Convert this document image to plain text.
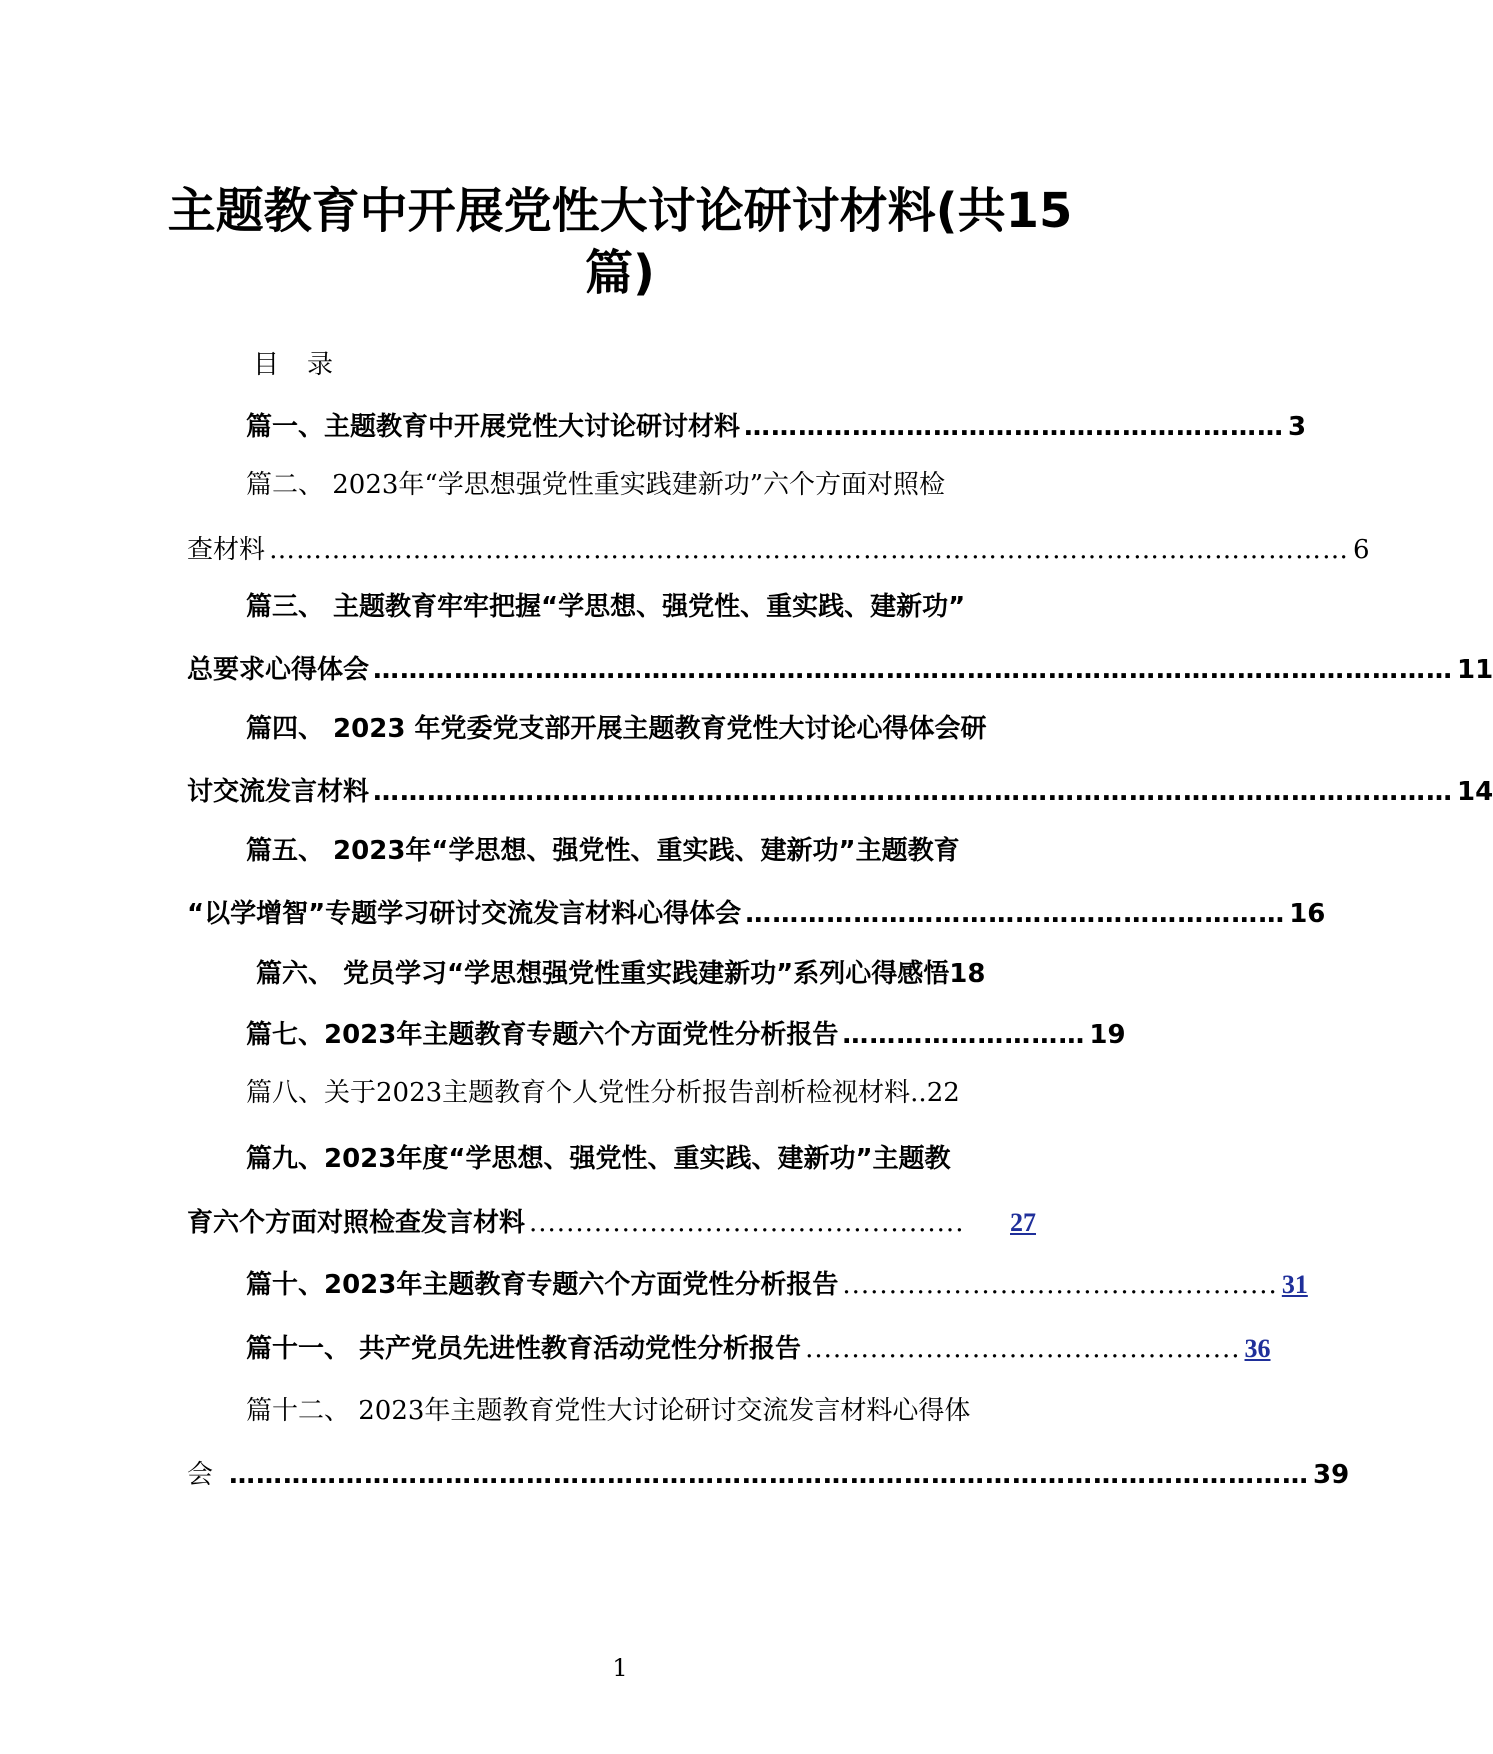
主题教育中开展党性大讨论研讨材料(共15
篇)
目录
篇一、主题教育中开展党性大讨论研讨材料 …………………………………………………… 3
篇二、 2023年“学思想强党性重实践建新功”六个方面对照检
查材料 ………………………………………………………………………………………………………… 6
篇三、 主题教育牢牢把握“学思想、强党性、重实践、建新功”
总要求心得体会 ………………………………………………………………………………………………………… 11
篇四、 2023 年党委党支部开展主题教育党性大讨论心得体会研
讨交流发言材料 ………………………………………………………………………………………………………… 14
篇五、 2023年“学思想、强党性、重实践、建新功”主题教育
“以学增智”专题学习研讨交流发言材料心得体会 …………………………………………………… 16
篇六、 党员学习“学思想强党性重实践建新功”系列心得感悟18
篇七、2023年主题教育专题六个方面党性分析报告 ……………………… 19
篇八、关于2023主题教育个人党性分析报告剖析检视材料..22
篇九、2023年度“学思想、强党性、重实践、建新功”主题教
育六个方面对照检查发言材料 ...............................................	27
篇十、2023年主题教育专题六个方面党性分析报告 ............................................... 31
篇十一、 共产党员先进性教育活动党性分析报告 ............................................... 36
篇十二、 2023年主题教育党性大讨论研讨交流发言材料心得体
会 ………………………………………………………………………………………………………… 39
1
